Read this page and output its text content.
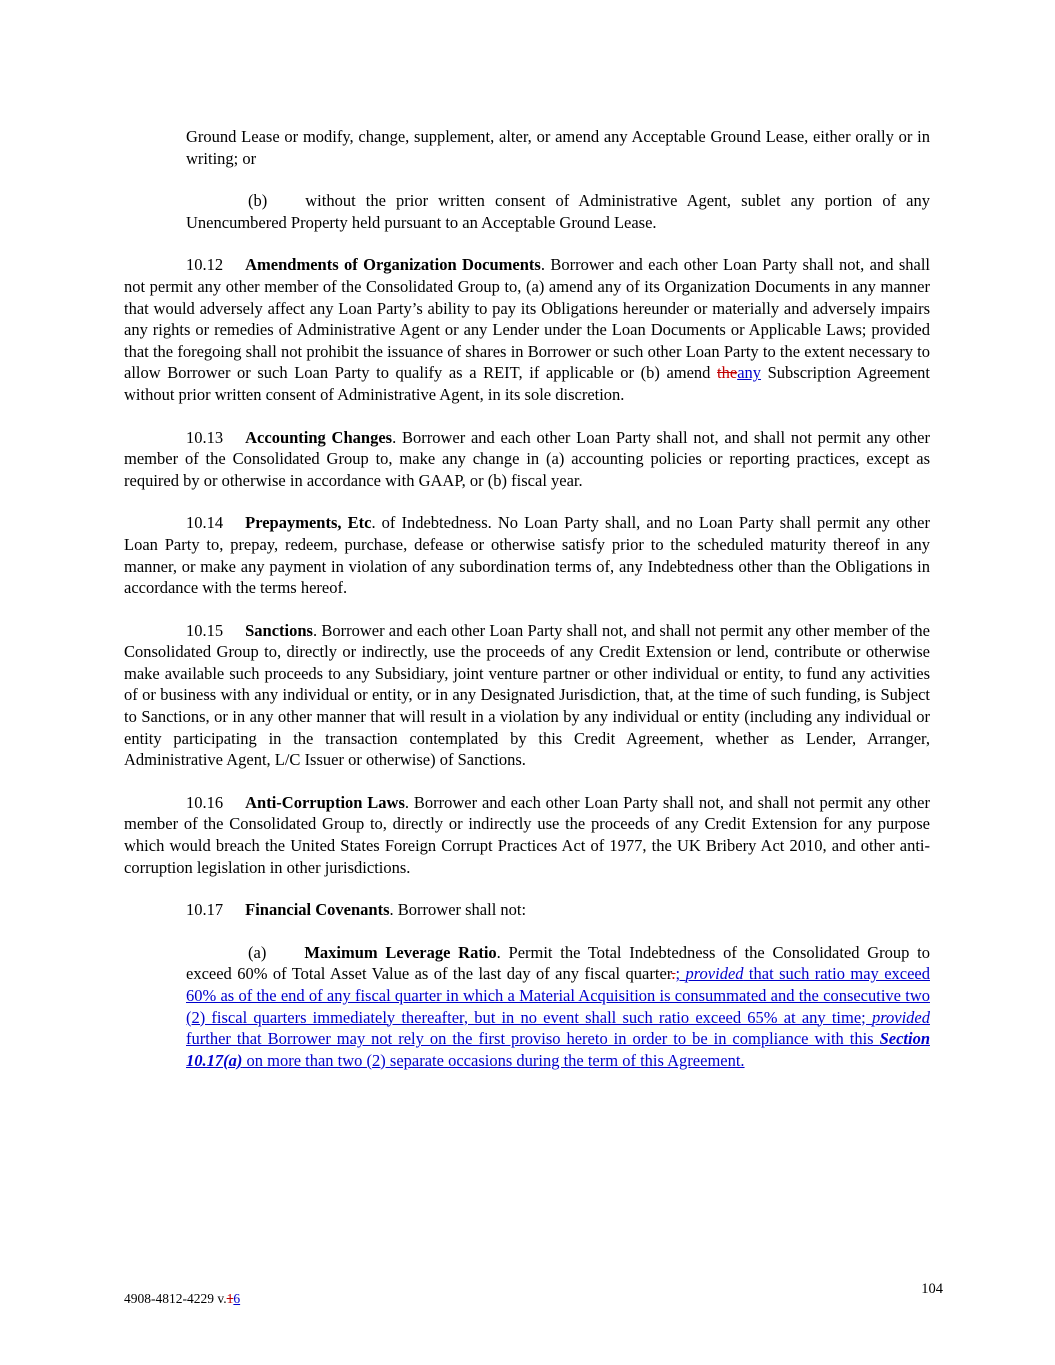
Ground Lease or modify, change, supplement, alter, or amend any Acceptable Ground Lease, either orally or in writing; or

(b) without the prior written consent of Administrative Agent, sublet any portion of any Unencumbered Property held pursuant to an Acceptable Ground Lease.

10.12 Amendments of Organization Documents. Borrower and each other Loan Party shall not, and shall not permit any other member of the Consolidated Group to, (a) amend any of its Organization Documents in any manner that would adversely affect any Loan Party’s ability to pay its Obligations hereunder or materially and adversely impairs any rights or remedies of Administrative Agent or any Lender under the Loan Documents or Applicable Laws; provided that the foregoing shall not prohibit the issuance of shares in Borrower or such other Loan Party to the extent necessary to allow Borrower or such Loan Party to qualify as a REIT, if applicable or (b) amend theany Subscription Agreement without prior written consent of Administrative Agent, in its sole discretion.

10.13 Accounting Changes. Borrower and each other Loan Party shall not, and shall not permit any other member of the Consolidated Group to, make any change in (a) accounting policies or reporting practices, except as required by or otherwise in accordance with GAAP, or (b) fiscal year.

10.14 Prepayments, Etc. of Indebtedness. No Loan Party shall, and no Loan Party shall permit any other Loan Party to, prepay, redeem, purchase, defease or otherwise satisfy prior to the scheduled maturity thereof in any manner, or make any payment in violation of any subordination terms of, any Indebtedness other than the Obligations in accordance with the terms hereof.

10.15 Sanctions. Borrower and each other Loan Party shall not, and shall not permit any other member of the Consolidated Group to, directly or indirectly, use the proceeds of any Credit Extension or lend, contribute or otherwise make available such proceeds to any Subsidiary, joint venture partner or other individual or entity, to fund any activities of or business with any individual or entity, or in any Designated Jurisdiction, that, at the time of such funding, is Subject to Sanctions, or in any other manner that will result in a violation by any individual or entity (including any individual or entity participating in the transaction contemplated by this Credit Agreement, whether as Lender, Arranger, Administrative Agent, L/C Issuer or otherwise) of Sanctions.

10.16 Anti-Corruption Laws. Borrower and each other Loan Party shall not, and shall not permit any other member of the Consolidated Group to, directly or indirectly use the proceeds of any Credit Extension for any purpose which would breach the United States Foreign Corrupt Practices Act of 1977, the UK Bribery Act 2010, and other anti-corruption legislation in other jurisdictions.

10.17 Financial Covenants. Borrower shall not:

(a) Maximum Leverage Ratio. Permit the Total Indebtedness of the Consolidated Group to exceed 60% of Total Asset Value as of the last day of any fiscal quarter.; provided that such ratio may exceed 60% as of the end of any fiscal quarter in which a Material Acquisition is consummated and the consecutive two (2) fiscal quarters immediately thereafter, but in no event shall such ratio exceed 65% at any time; provided further that Borrower may not rely on the first proviso hereto in order to be in compliance with this Section 10.17(a) on more than two (2) separate occasions during the term of this Agreement.

4908-4812-4229 v.16
104
